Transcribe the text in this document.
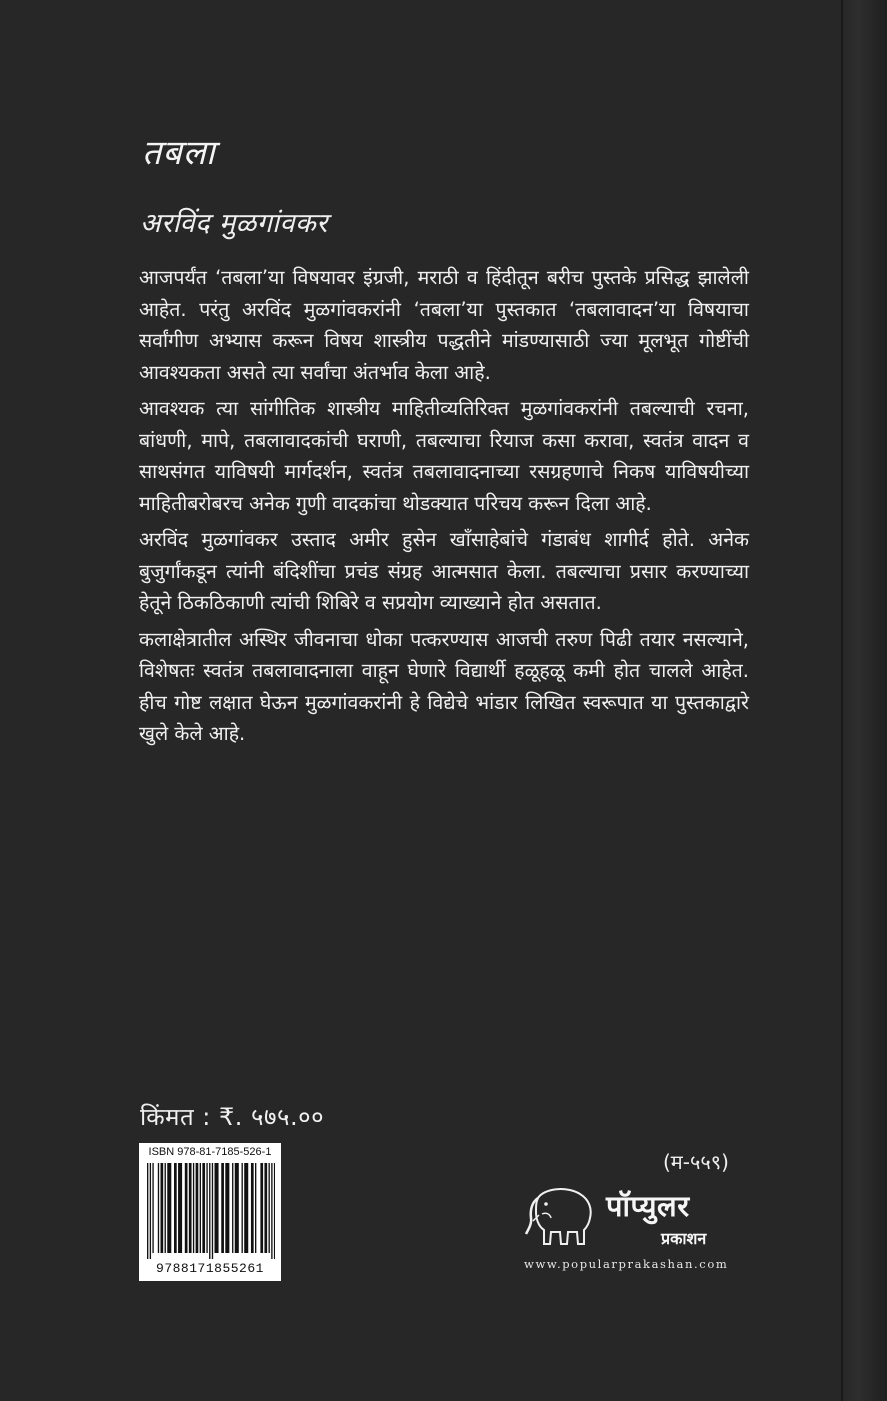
तबला
अरविंद मुळगांवकर

आजपर्यंत ‘तबला’या विषयावर इंग्रजी, मराठी व हिंदीतून बरीच पुस्तके प्रसिद्ध झालेली आहेत. परंतु अरविंद मुळगांवकरांनी ‘तबला’या पुस्तकात ‘तबलावादन’या विषयाचा सर्वांगीण अभ्यास करून विषय शास्त्रीय पद्धतीने मांडण्यासाठी ज्या मूलभूत गोष्टींची आवश्यकता असते त्या सर्वांचा अंतर्भाव केला आहे.

आवश्यक त्या सांगीतिक शास्त्रीय माहितीव्यतिरिक्त मुळगांवकरांनी तबल्याची रचना, बांधणी, मापे, तबलावादकांची घराणी, तबल्याचा रियाज कसा करावा, स्वतंत्र वादन व साथसंगत याविषयी मार्गदर्शन, स्वतंत्र तबलावादनाच्या रसग्रहणाचे निकष याविषयीच्या माहितीबरोबरच अनेक गुणी वादकांचा थोडक्यात परिचय करून दिला आहे.

अरविंद मुळगांवकर उस्ताद अमीर हुसेन खाँसाहेबांचे गंडाबंध शागीर्द होते. अनेक बुजुर्गांकडून त्यांनी बंदिशींचा प्रचंड संग्रह आत्मसात केला. तबल्याचा प्रसार करण्याच्या हेतूने ठिकठिकाणी त्यांची शिबिरे व सप्रयोग व्याख्याने होत असतात.

कलाक्षेत्रातील अस्थिर जीवनाचा धोका पत्करण्यास आजची तरुण पिढी तयार नसल्याने, विशेषतः स्वतंत्र तबलावादनाला वाहून घेणारे विद्यार्थी हळूहळू कमी होत चालले आहेत. हीच गोष्ट लक्षात घेऊन मुळगांवकरांनी हे विद्येचे भांडार लिखित स्वरूपात या पुस्तकाद्वारे खुले केले आहे.

किंमत : ₹. ५७५.००
ISBN 978-81-7185-526-1
9788171855261
(म-५५९)
पॉप्युलर
प्रकाशन
www.popularprakashan.com
